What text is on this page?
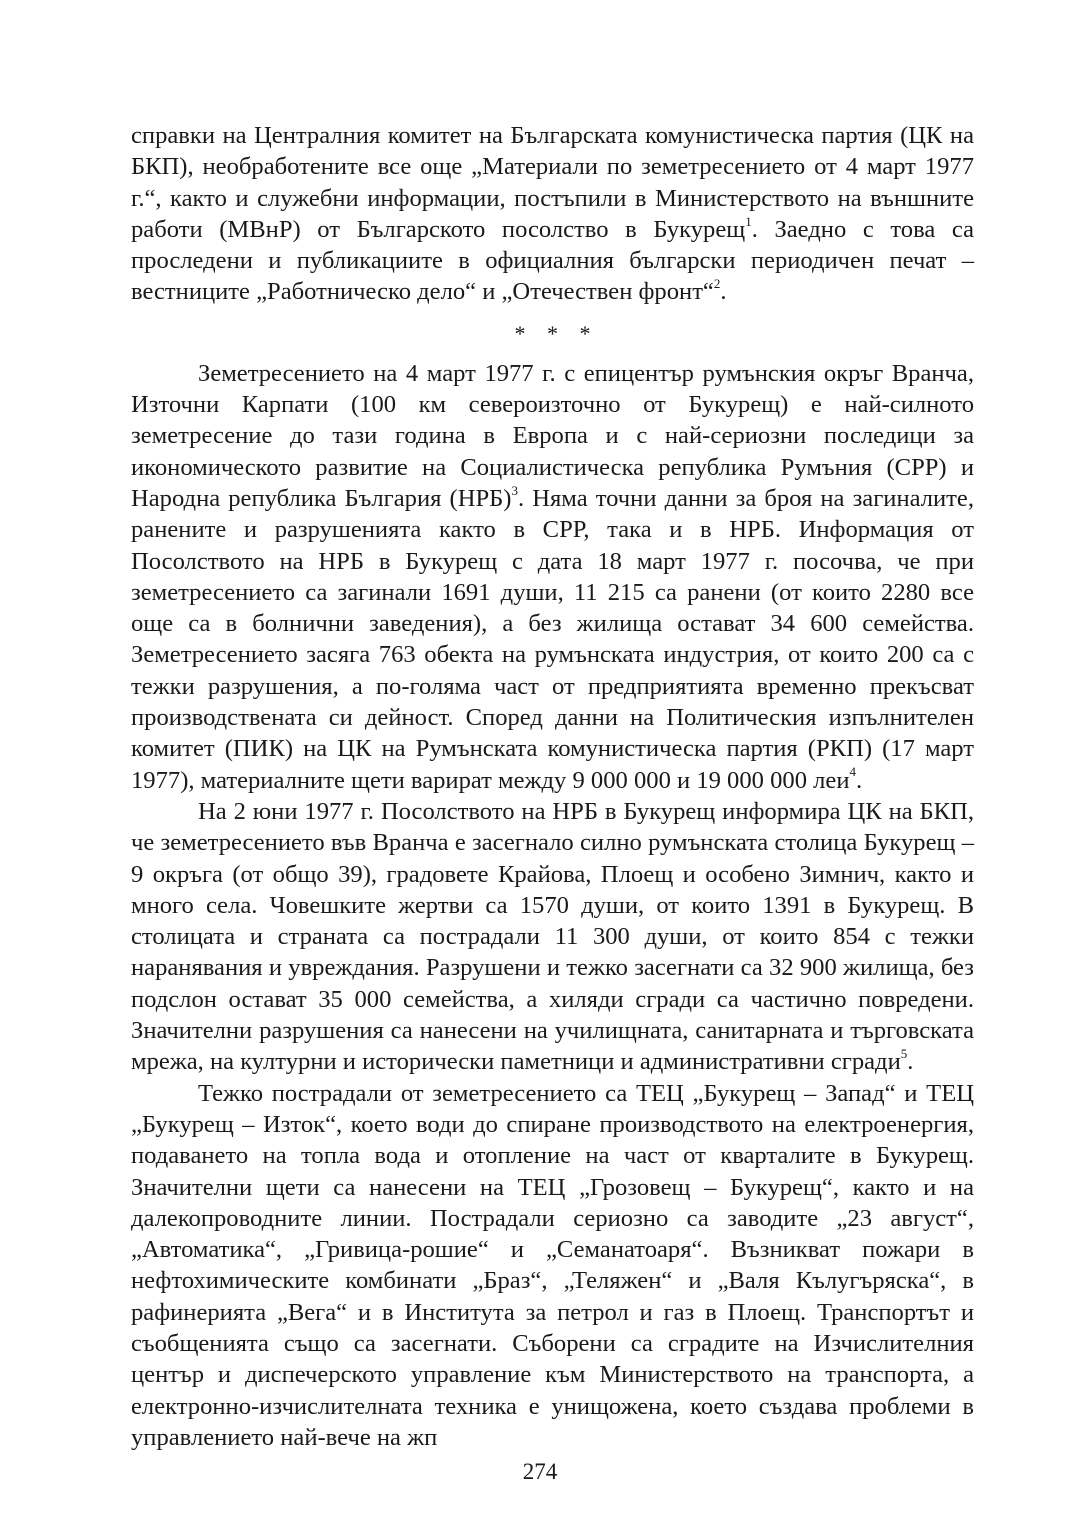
справки на Централния комитет на Българската комунистическа партия (ЦК на БКП), необработените все още „Материали по земетресението от 4 март 1977 г.“, както и служебни информации, постъпили в Министерството на външните работи (МВнР) от Българското посолство в Букурещ$^1$. Заедно с това са проследени и публикациите в официалния български периодичен печат – вестниците „Работническо дело“ и „Отечествен фронт“$^2$.

* * *

Земетресението на 4 март 1977 г. с епицентър румънския окръг Вранча, Източни Карпати (100 км североизточно от Букурещ) е най-силното земетресение до тази година в Европа и с най-сериозни последици за икономическото развитие на Социалистическа република Румъния (СРР) и Народна република България (НРБ)$^3$. Няма точни данни за броя на загиналите, ранените и разрушенията както в СРР, така и в НРБ. Информация от Посолството на НРБ в Букурещ с дата 18 март 1977 г. посочва, че при земетресението са загинали 1691 души, 11 215 са ранени (от които 2280 все още са в болнични заведения), а без жилища остават 34 600 семейства. Земетресението засяга 763 обекта на румънската индустрия, от които 200 са с тежки разрушения, а по-голяма част от предприятията временно прекъсват производствената си дейност. Според данни на Политическия изпълнителен комитет (ПИК) на ЦК на Румънската комунистическа партия (РКП) (17 март 1977), материалните щети варират между 9 000 000 и 19 000 000 леи$^4$.

На 2 юни 1977 г. Посолството на НРБ в Букурещ информира ЦК на БКП, че земетресението във Вранча е засегнало силно румънската столица Букурещ – 9 окръга (от общо 39), градовете Крайова, Плоещ и особено Зимнич, както и много села. Човешките жертви са 1570 души, от които 1391 в Букурещ. В столицата и страната са пострадали 11 300 души, от които 854 с тежки наранявания и увреждания. Разрушени и тежко засегнати са 32 900 жилища, без подслон остават 35 000 семейства, а хиляди сгради са частично повредени. Значителни разрушения са нанесени на училищната, санитарната и търговската мрежа, на културни и исторически паметници и административни сгради$^5$.

Тежко пострадали от земетресението са ТЕЦ „Букурещ – Запад“ и ТЕЦ „Букурещ – Изток“, което води до спиране производството на електроенергия, подаването на топла вода и отопление на част от кварталите в Букурещ. Значителни щети са нанесени на ТЕЦ „Грозовещ – Букурещ“, както и на далекопроводните линии. Пострадали сериозно са заводите „23 август“, „Автоматика“, „Гривица-рошие“ и „Семанатоаря“. Възникват пожари в нефтохимическите комбинати „Браз“, „Теляжен“ и „Валя Кълугъряска“, в рафинерията „Вега“ и в Института за петрол и газ в Плоещ. Транспортът и съобщенията също са засегнати. Съборени са сградите на Изчислителния център и диспечерското управление към Министерството на транспорта, а електронно-изчислителната техника е унищожена, което създава проблеми в управлението най-вече на жп

274
